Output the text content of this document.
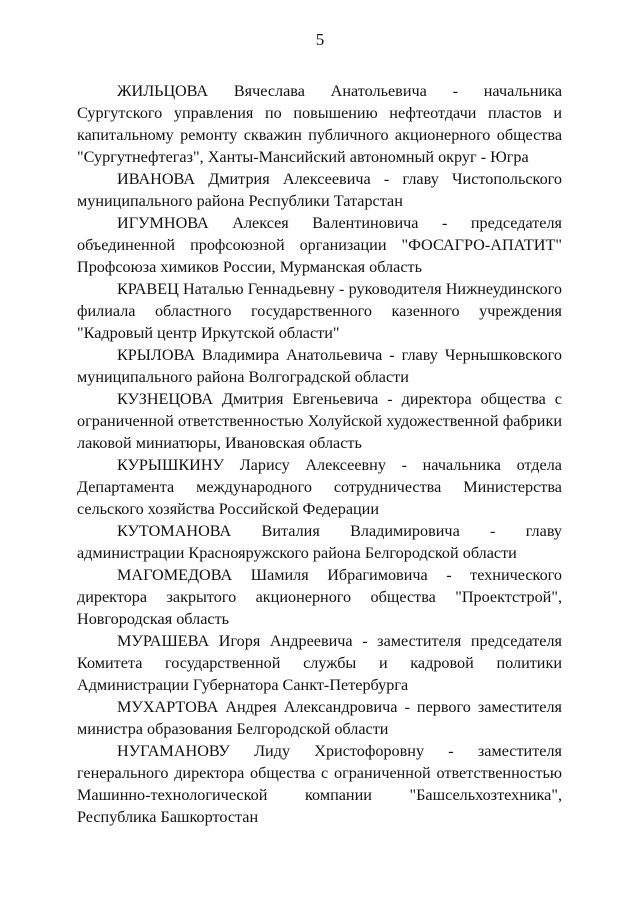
5

ЖИЛЬЦОВА Вячеслава Анатольевича - начальника Сургутского управления по повышению нефтеотдачи пластов и капитальному ремонту скважин публичного акционерного общества "Сургутнефтегаз", Ханты-Мансийский автономный округ - Югра

ИВАНОВА Дмитрия Алексеевича - главу Чистопольского муниципального района Республики Татарстан

ИГУМНОВА Алексея Валентиновича - председателя объединенной профсоюзной организации "ФОСАГРО-АПАТИТ" Профсоюза химиков России, Мурманская область

КРАВЕЦ Наталью Геннадьевну - руководителя Нижнеудинского филиала областного государственного казенного учреждения "Кадровый центр Иркутской области"

КРЫЛОВА Владимира Анатольевича - главу Чернышковского муниципального района Волгоградской области

КУЗНЕЦОВА Дмитрия Евгеньевича - директора общества с ограниченной ответственностью Холуйской художественной фабрики лаковой миниатюры, Ивановская область

КУРЫШКИНУ Ларису Алексеевну - начальника отдела Департамента международного сотрудничества Министерства сельского хозяйства Российской Федерации

КУТОМАНОВА Виталия Владимировича - главу администрации Краснояружского района Белгородской области

МАГОМЕДОВА Шамиля Ибрагимовича - технического директора закрытого акционерного общества "Проектстрой", Новгородская область

МУРАШЕВА Игоря Андреевича - заместителя председателя Комитета государственной службы и кадровой политики Администрации Губернатора Санкт-Петербурга

МУХАРТОВА Андрея Александровича - первого заместителя министра образования Белгородской области

НУГАМАНОВУ Лиду Христофоровну - заместителя генерального директора общества с ограниченной ответственностью Машинно-технологической компании "Башсельхозтехника", Республика Башкортостан
